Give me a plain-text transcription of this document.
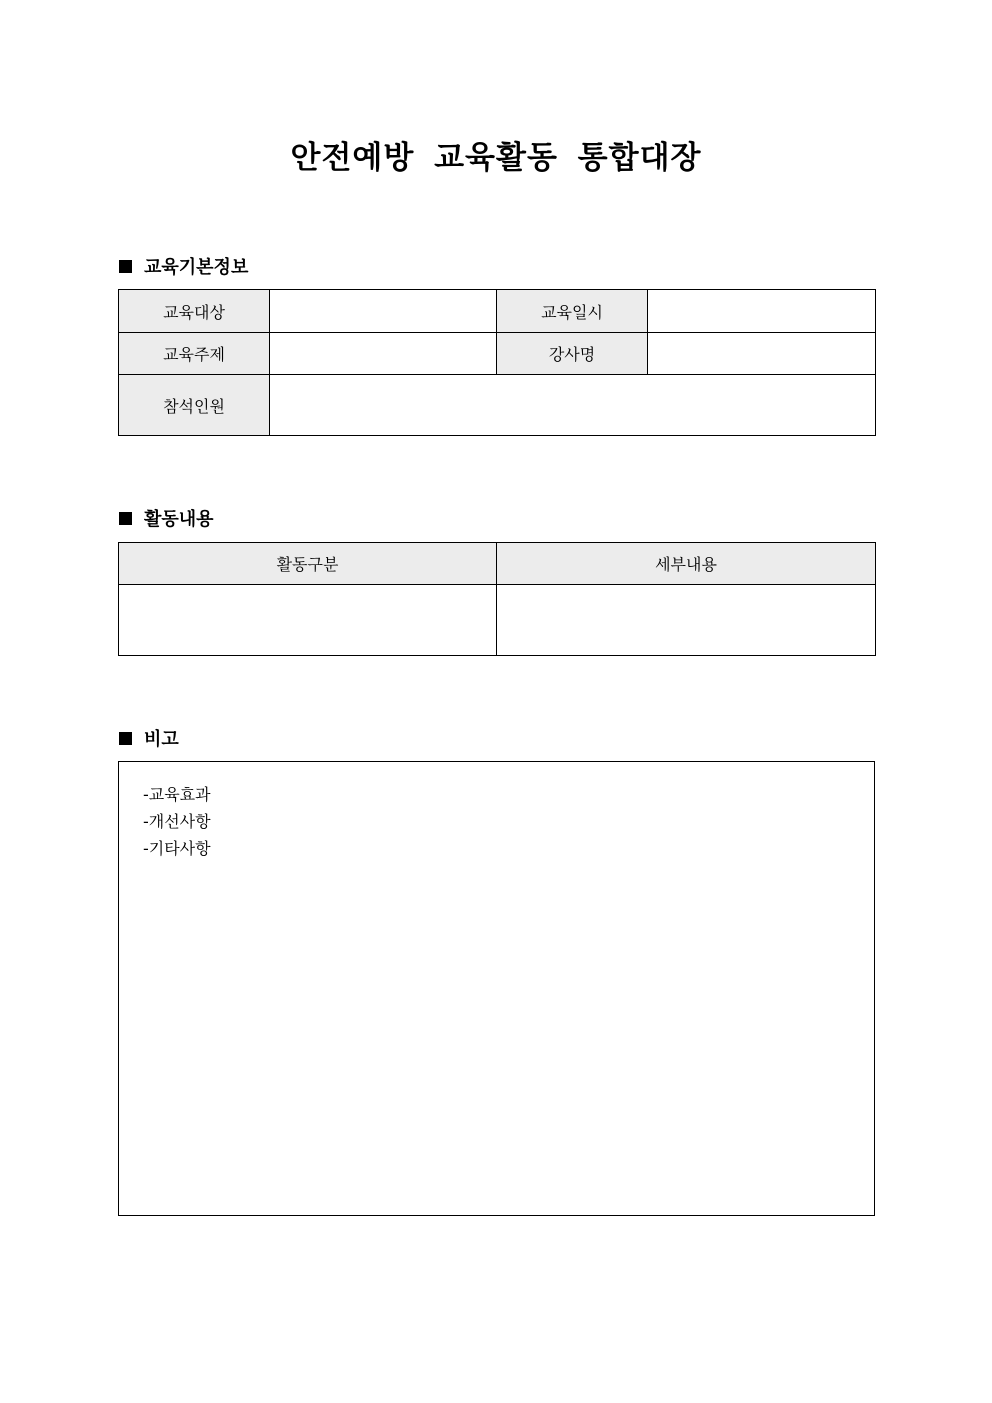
안전예방 교육활동 통합대장
교육기본정보
교육대상		교육일시	
교육주제		강사명	
참석인원			
활동내용
활동구분	세부내용

비고
-교육효과
-개선사항
-기타사항
